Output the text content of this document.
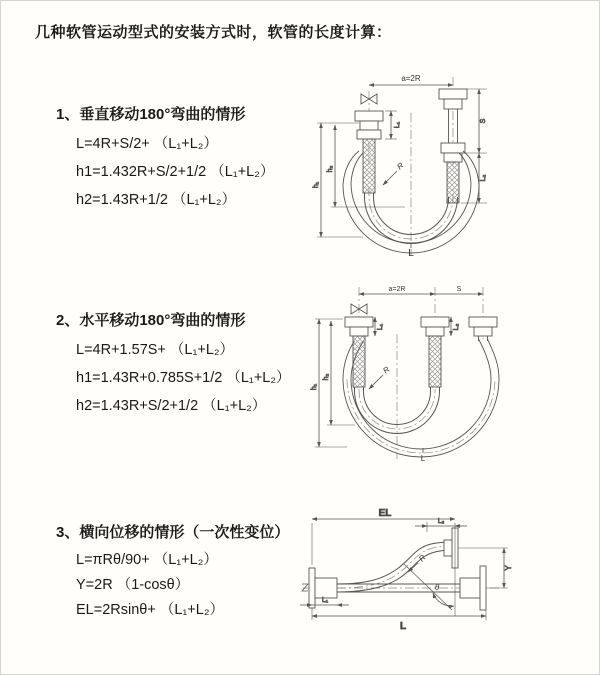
几种软管运动型式的安装方式时，软管的长度计算：
1、垂直移动180°弯曲的情形
L=4R+S/2+ （L₁+L₂）
h1=1.432R+S/2+1/2 （L₁+L₂）
h2=1.43R+1/2 （L₁+L₂）
2、水平移动180°弯曲的情形
L=4R+1.57S+ （L₁+L₂）
h1=1.43R+0.785S+1/2 （L₁+L₂）
h2=1.43R+S/2+1/2 （L₁+L₂）
3、横向位移的情形（一次性变位）
L=πRθ/90+ （L₁+L₂）
Y=2R （1-cosθ）
EL=2Rsinθ+ （L₁+L₂）
a=2R
h₁
h₂
L₁
S
L₂
R
L
a=2R	S
h₁
h₂
L₁	L₂
R
L
EL
L₂
Y
L
L₁
θ
R
